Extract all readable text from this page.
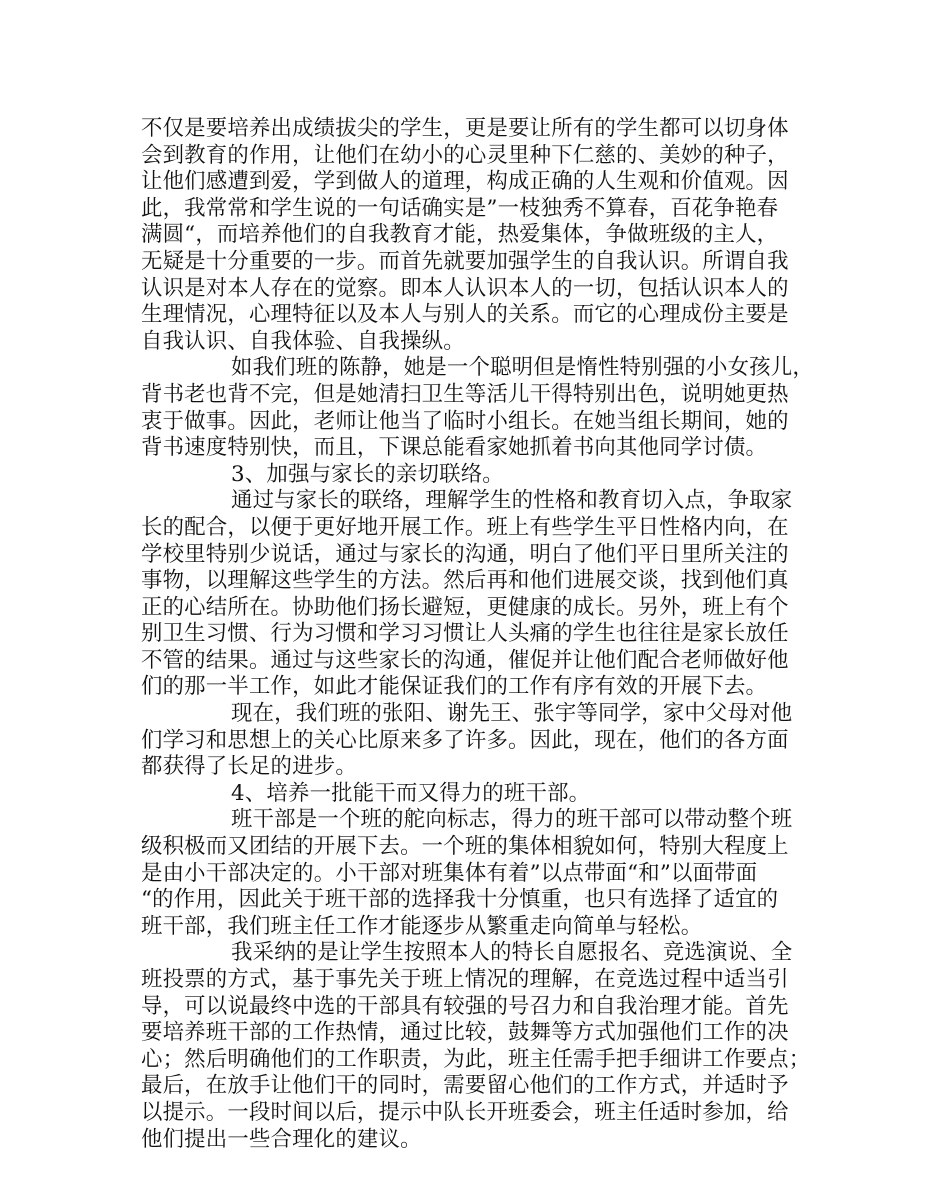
不仅是要培养出成绩拔尖的学生，更是要让所有的学生都可以切身体
会到教育的作用，让他们在幼小的心灵里种下仁慈的、美妙的种子，
让他们感遭到爱，学到做人的道理，构成正确的人生观和价值观。因
此，我常常和学生说的一句话确实是”一枝独秀不算春，百花争艳春
满圆“，而培养他们的自我教育才能，热爱集体，争做班级的主人，
无疑是十分重要的一步。而首先就要加强学生的自我认识。所谓自我
认识是对本人存在的觉察。即本人认识本人的一切，包括认识本人的
生理情况，心理特征以及本人与别人的关系。而它的心理成份主要是
自我认识、自我体验、自我操纵。
如我们班的陈静，她是一个聪明但是惰性特别强的小女孩儿，
背书老也背不完，但是她清扫卫生等活儿干得特别出色，说明她更热
衷于做事。因此，老师让他当了临时小组长。在她当组长期间，她的
背书速度特别快，而且，下课总能看家她抓着书向其他同学讨债。
3、加强与家长的亲切联络。
通过与家长的联络，理解学生的性格和教育切入点，争取家
长的配合，以便于更好地开展工作。班上有些学生平日性格内向，在
学校里特别少说话，通过与家长的沟通，明白了他们平日里所关注的
事物，以理解这些学生的方法。然后再和他们进展交谈，找到他们真
正的心结所在。协助他们扬长避短，更健康的成长。另外，班上有个
别卫生习惯、行为习惯和学习习惯让人头痛的学生也往往是家长放任
不管的结果。通过与这些家长的沟通，催促并让他们配合老师做好他
们的那一半工作，如此才能保证我们的工作有序有效的开展下去。
现在，我们班的张阳、谢先王、张宇等同学，家中父母对他
们学习和思想上的关心比原来多了许多。因此，现在，他们的各方面
都获得了长足的进步。
4、培养一批能干而又得力的班干部。
班干部是一个班的舵向标志，得力的班干部可以带动整个班
级积极而又团结的开展下去。一个班的集体相貌如何，特别大程度上
是由小干部决定的。小干部对班集体有着”以点带面“和”以面带面
“的作用，因此关于班干部的选择我十分慎重，也只有选择了适宜的
班干部，我们班主任工作才能逐步从繁重走向简单与轻松。
我采纳的是让学生按照本人的特长自愿报名、竞选演说、全
班投票的方式，基于事先关于班上情况的理解，在竞选过程中适当引
导，可以说最终中选的干部具有较强的号召力和自我治理才能。首先
要培养班干部的工作热情，通过比较，鼓舞等方式加强他们工作的决
心；然后明确他们的工作职责，为此，班主任需手把手细讲工作要点；
最后，在放手让他们干的同时，需要留心他们的工作方式，并适时予
以提示。一段时间以后，提示中队长开班委会，班主任适时参加，给
他们提出一些合理化的建议。
